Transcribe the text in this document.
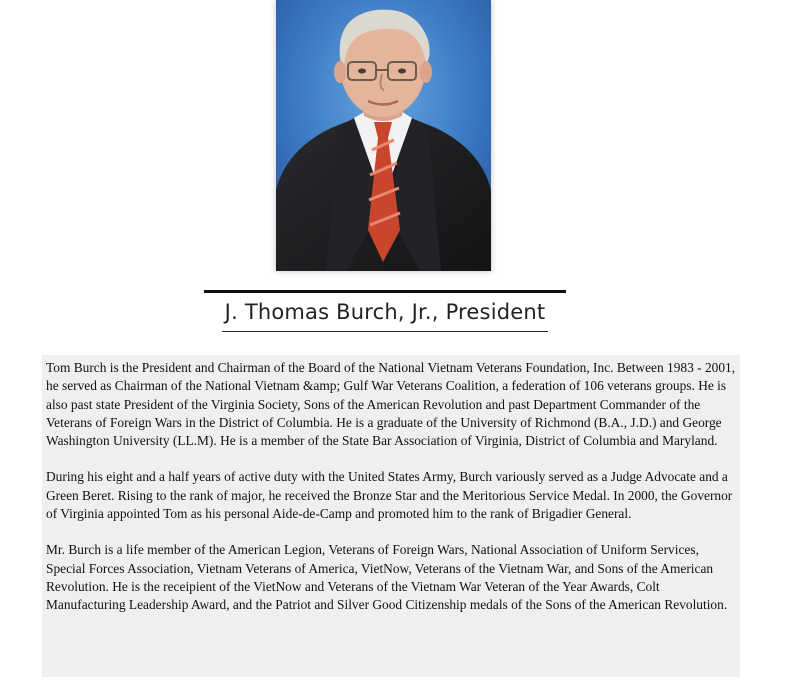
J. Thomas Burch, Jr., President

Tom Burch is the President and Chairman of the Board of the National Vietnam Veterans Foundation, Inc. Between 1983 - 2001, he served as Chairman of the National Vietnam &amp; Gulf War Veterans Coalition, a federation of 106 veterans groups. He is also past state President of the Virginia Society, Sons of the American Revolution and past Department Commander of the Veterans of Foreign Wars in the District of Columbia. He is a graduate of the University of Richmond (B.A., J.D.) and George Washington University (LL.M). He is a member of the State Bar Association of Virginia, District of Columbia and Maryland.

During his eight and a half years of active duty with the United States Army, Burch variously served as a Judge Advocate and a Green Beret. Rising to the rank of major, he received the Bronze Star and the Meritorious Service Medal. In 2000, the Governor of Virginia appointed Tom as his personal Aide-de-Camp and promoted him to the rank of Brigadier General.

Mr. Burch is a life member of the American Legion, Veterans of Foreign Wars, National Association of Uniform Services, Special Forces Association, Vietnam Veterans of America, VietNow, Veterans of the Vietnam War, and Sons of the American Revolution. He is the receipient of the VietNow and Veterans of the Vietnam War Veteran of the Year Awards, Colt Manufacturing Leadership Award, and the Patriot and Silver Good Citizenship medals of the Sons of the American Revolution.
